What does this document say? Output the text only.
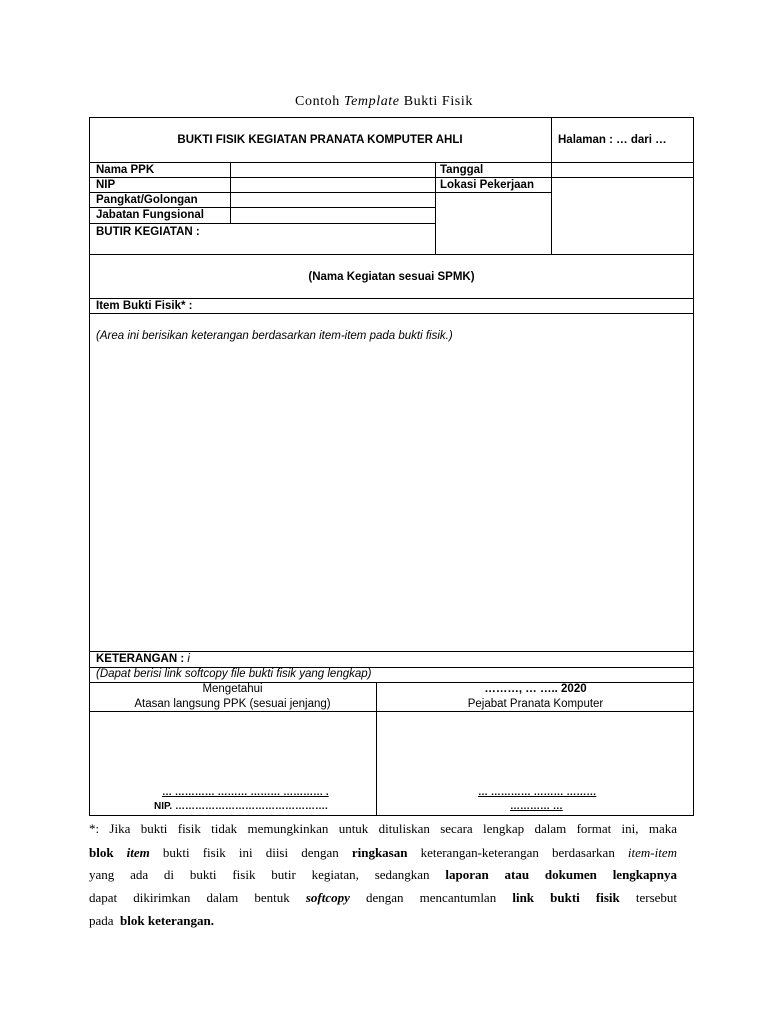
Contoh Template Bukti Fisik
BUKTI FISIK KEGIATAN PRANATA KOMPUTER AHLI	Halaman : … dari …
Nama PPK
NIP
Pangkat/Golongan
Jabatan Fungsional
BUTIR KEGIATAN :
Tanggal
Lokasi Pekerjaan
(Nama Kegiatan sesuai SPMK)
Item Bukti Fisik* :
(Area ini berisikan keterangan berdasarkan item-item pada bukti fisik.)
KETERANGAN : i
(Dapat berisi link softcopy file bukti fisik yang lengkap)
Mengetahui
Atasan langsung PPK (sesuai jenjang)
………, … ….. 2020
Pejabat Pranata Komputer
… ………… ……… ……… ………… .
NIP. ……………………………………….
… ………… ……… ………
………… …
*: Jika bukti fisik tidak memungkinkan untuk dituliskan secara lengkap dalam format ini, maka
blok item bukti fisik ini diisi dengan ringkasan keterangan-keterangan berdasarkan item-item
yang ada di bukti fisik butir kegiatan, sedangkan laporan atau dokumen lengkapnya
dapat dikirimkan dalam bentuk softcopy dengan mencantumlan link bukti fisik tersebut
pada blok keterangan.
